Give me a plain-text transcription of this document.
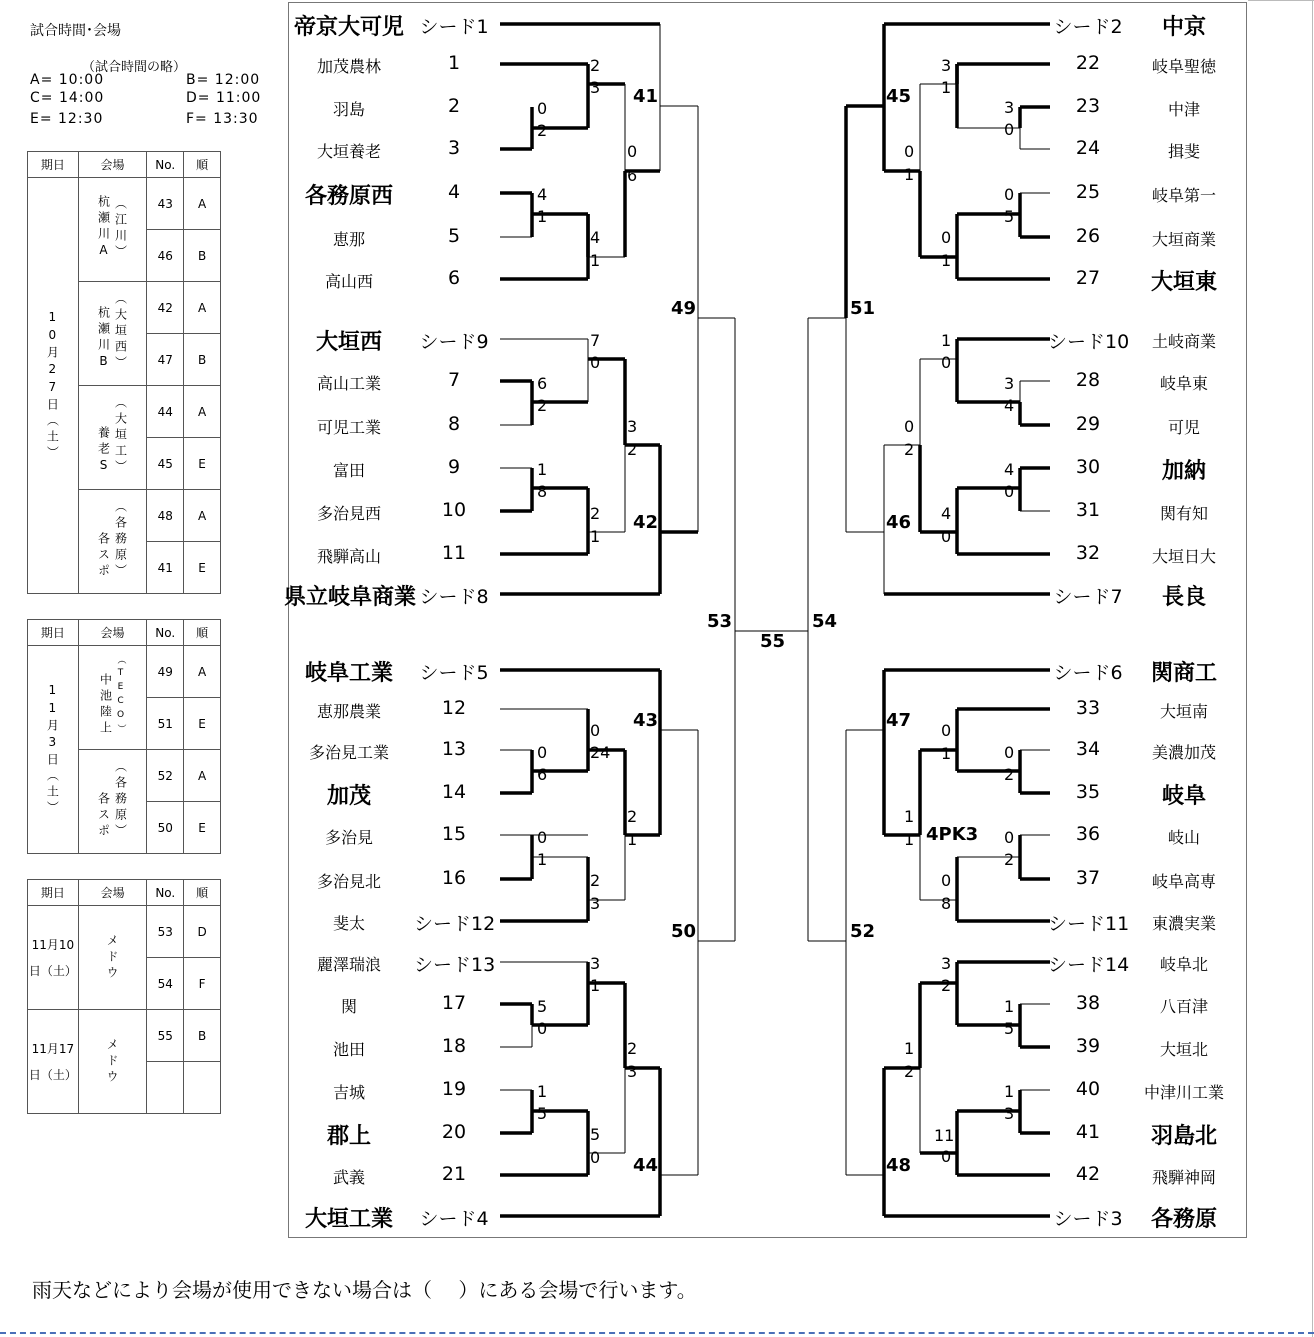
試合時間･会場
（試合時間の略）
A= 10:00	B= 12:00
C= 14:00	D= 11:00
E= 12:30	F= 13:30
期日	会場	No.	順
10月27日（土）	杭瀬川A （江川）	43	A
		46	B
	杭瀬川B （大垣西）	42	A
		47	B
	養老S （大垣工）	44	A
		45	E
	各スポ （各務原）	48	A
		41	E
期日	会場	No.	順
11月3日（土）	中池陸上 （TECO）	49	A
		51	E
	各スポ （各務原）	52	A
		50	E
期日	会場	No.	順
11月10日（土）	メドウ	53	D
		54	F
11月17日（土）	メドウ	55	B

帝京大可児 シード1
加茂農林	1
羽島	2
大垣養老	3
各務原西	4
恵那	5
高山西	6
大垣西	シード9
高山工業	7
可児工業	8
富田	9
多治見西	10
飛騨高山	11
県立岐阜商業 シード8
岐阜工業	シード5
恵那農業	12
多治見工業	13
加茂	14
多治見	15
多治見北	16
斐太	シード12
麗澤瑞浪	シード13
関	17
池田	18
吉城	19
郡上	20
武義	21
大垣工業	シード4
中京
シード2
岐阜聖徳
22
中津
23
揖斐
24
岐阜第一
25
大垣商業
26
大垣東
27
土岐商業
シード10
岐阜東
28
可児
29
加納
30
関有知
31
大垣日大
32
長良
シード7
関商工
シード6
大垣南
33
美濃加茂
34
岐阜
35
岐山
36
岐阜高専
37
東濃実業
シード11
岐阜北
シード14
八百津
38
大垣北
39
中津川工業
40
羽島北
41
飛騨神岡
42
各務原
シード3
2
3
0
2
4
1
4
1
0
6
7
0
6
2
1
8
2
1
3
2
0
6
0
24
2
1
0
1
2
3
3
1
5
0
1
5
5
0
2
3
3
1
3
0
0
1
0
5
0
1
1
0
3
4
4
0
4
0
0
2
0
1	0
2
0
2
0
8
1
1
3
2
1
5
1
3
11
0
1
2
41
42
43
44
49
50
53
55
54
51
52
45
46
47
48
4PK3
雨天などにより会場が使用できない場合は（　 ）にある会場で行います。
